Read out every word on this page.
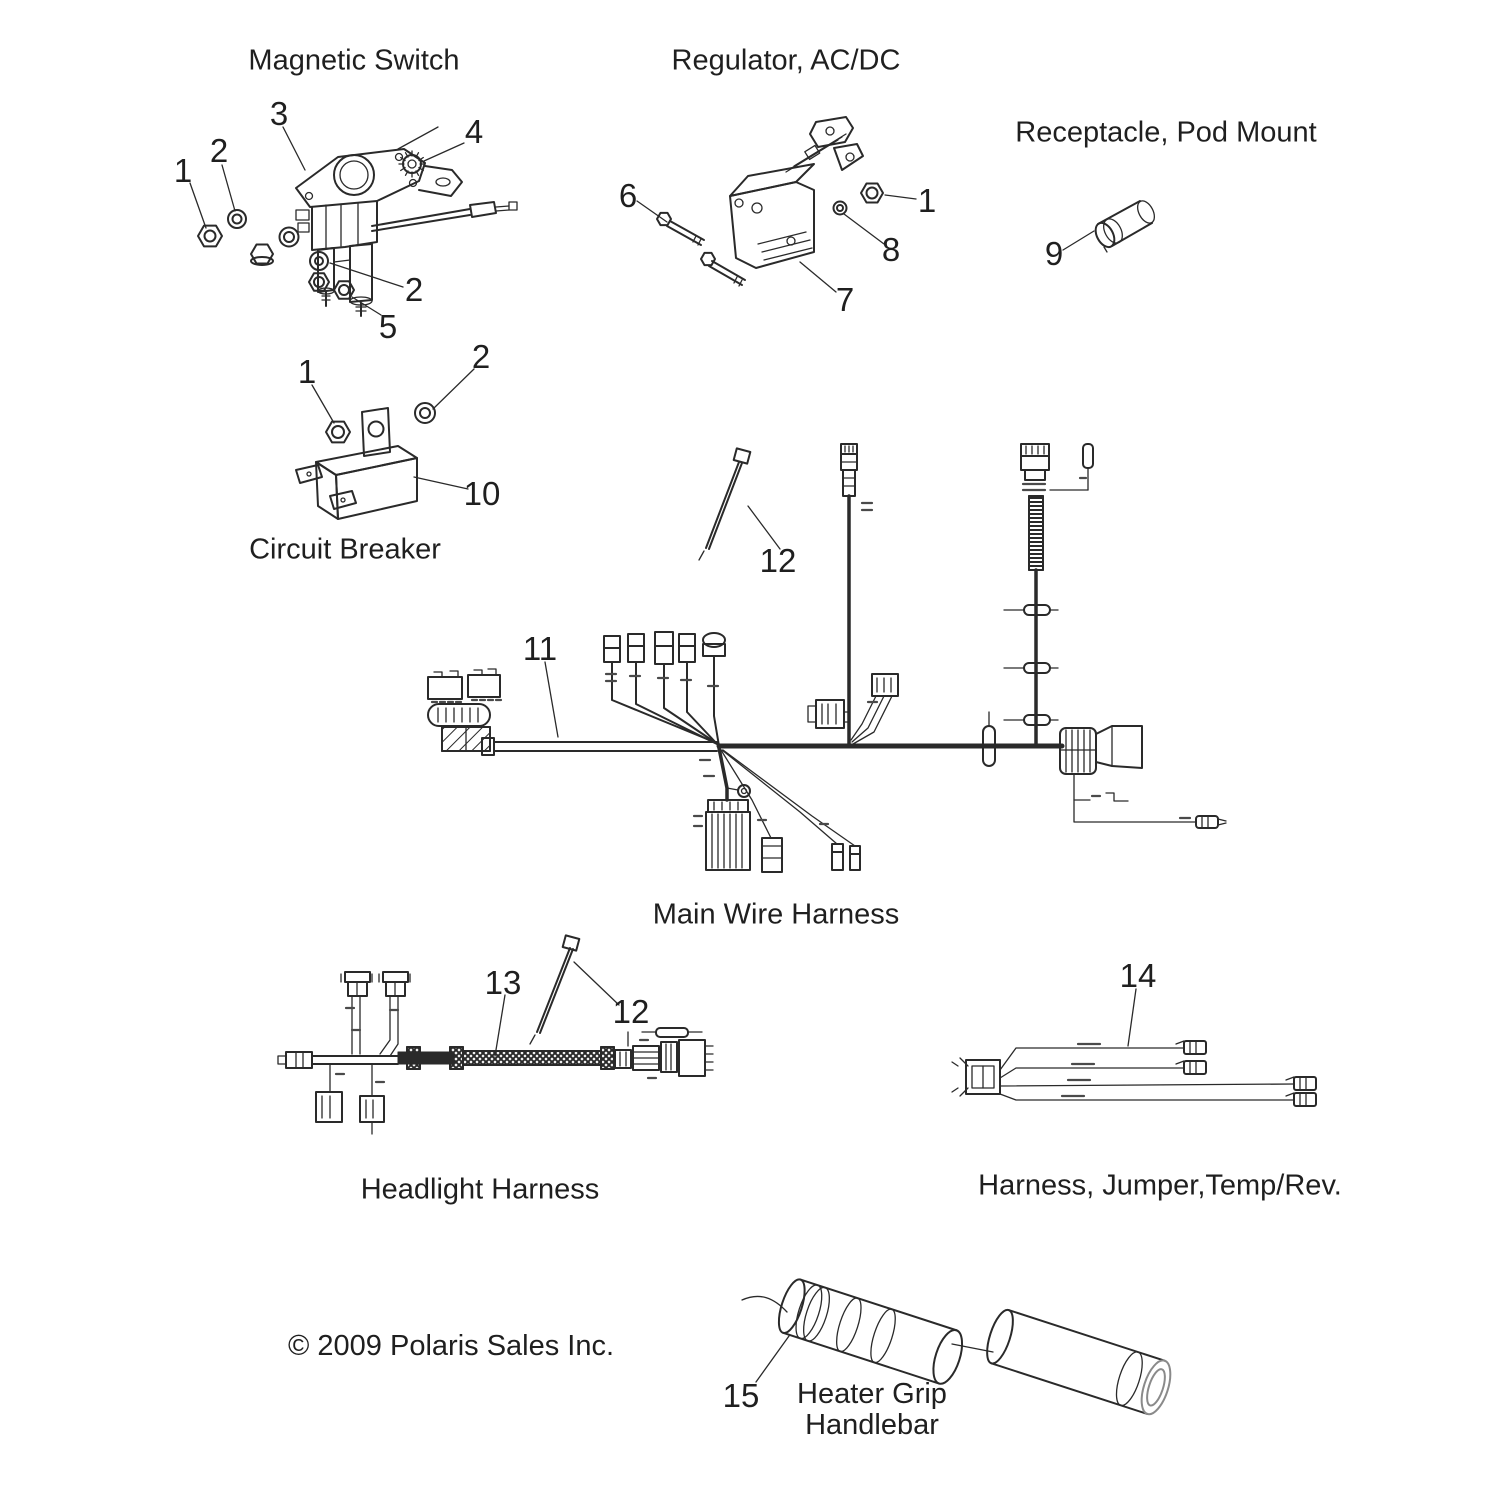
Magnetic Switch	Regulator, AC/DC
Receptacle, Pod Mount
Circuit Breaker
Main Wire Harness
Headlight Harness	Harness, Jumper,Temp/Rev.
Heater Grip
Handlebar
© 2009 Polaris Sales Inc.
1
2
3	4
2
5
6
7
8
1
9
1	2
10
11
12
13
12
14
15
